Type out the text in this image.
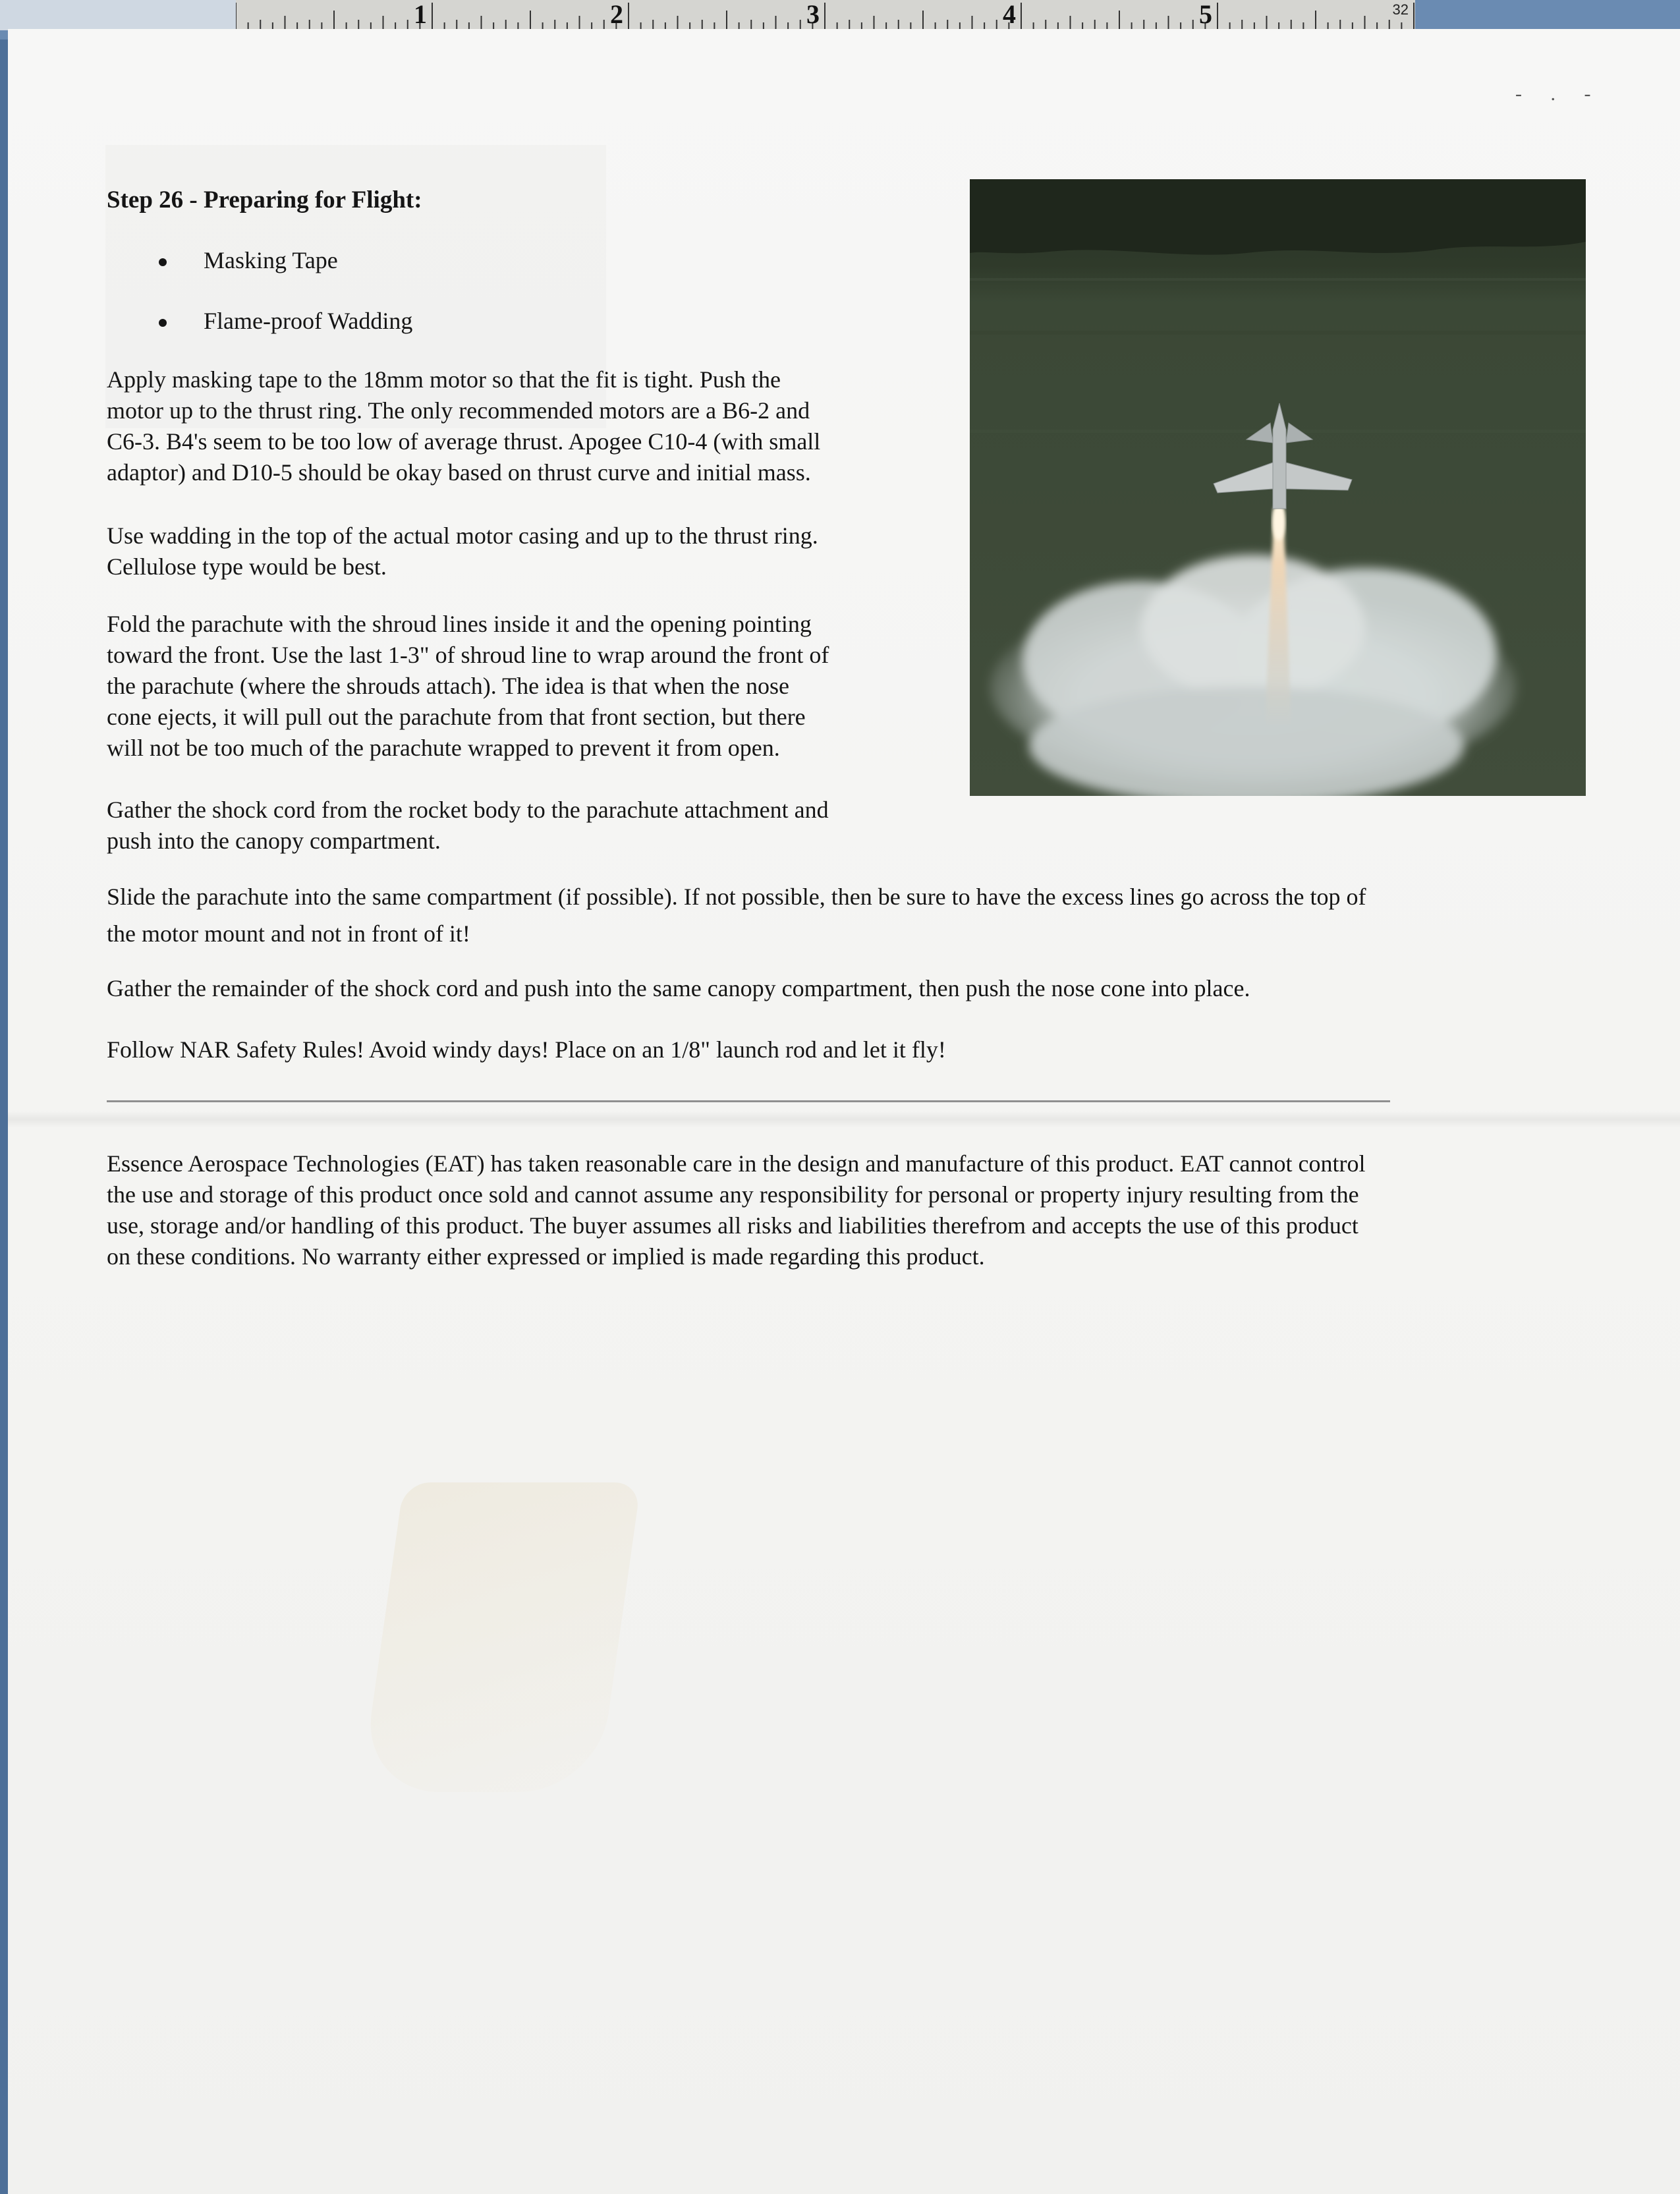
1	2	3	4	5	32
- . -
Step 26 - Preparing for Flight:
Masking Tape
Flame-proof Wadding
Apply masking tape to the 18mm motor so that the fit is tight. Push the
motor up to the thrust ring. The only recommended motors are a B6-2 and
C6-3. B4's seem to be too low of average thrust. Apogee C10-4 (with small
adaptor) and D10-5 should be okay based on thrust curve and initial mass.
Use wadding in the top of the actual motor casing and up to the thrust ring.
Cellulose type would be best.
Fold the parachute with the shroud lines inside it and the opening pointing
toward the front. Use the last 1-3" of shroud line to wrap around the front of
the parachute (where the shrouds attach). The idea is that when the nose
cone ejects, it will pull out the parachute from that front section, but there
will not be too much of the parachute wrapped to prevent it from open.
Gather the shock cord from the rocket body to the parachute attachment and
push into the canopy compartment.
Slide the parachute into the same compartment (if possible). If not possible, then be sure to have the excess lines go across the top of
the motor mount and not in front of it!
Gather the remainder of the shock cord and push into the same canopy compartment, then push the nose cone into place.
Follow NAR Safety Rules! Avoid windy days! Place on an 1/8" launch rod and let it fly!
Essence Aerospace Technologies (EAT) has taken reasonable care in the design and manufacture of this product. EAT cannot control
the use and storage of this product once sold and cannot assume any responsibility for personal or property injury resulting from the
use, storage and/or handling of this product. The buyer assumes all risks and liabilities therefrom and accepts the use of this product
on these conditions. No warranty either expressed or implied is made regarding this product.
